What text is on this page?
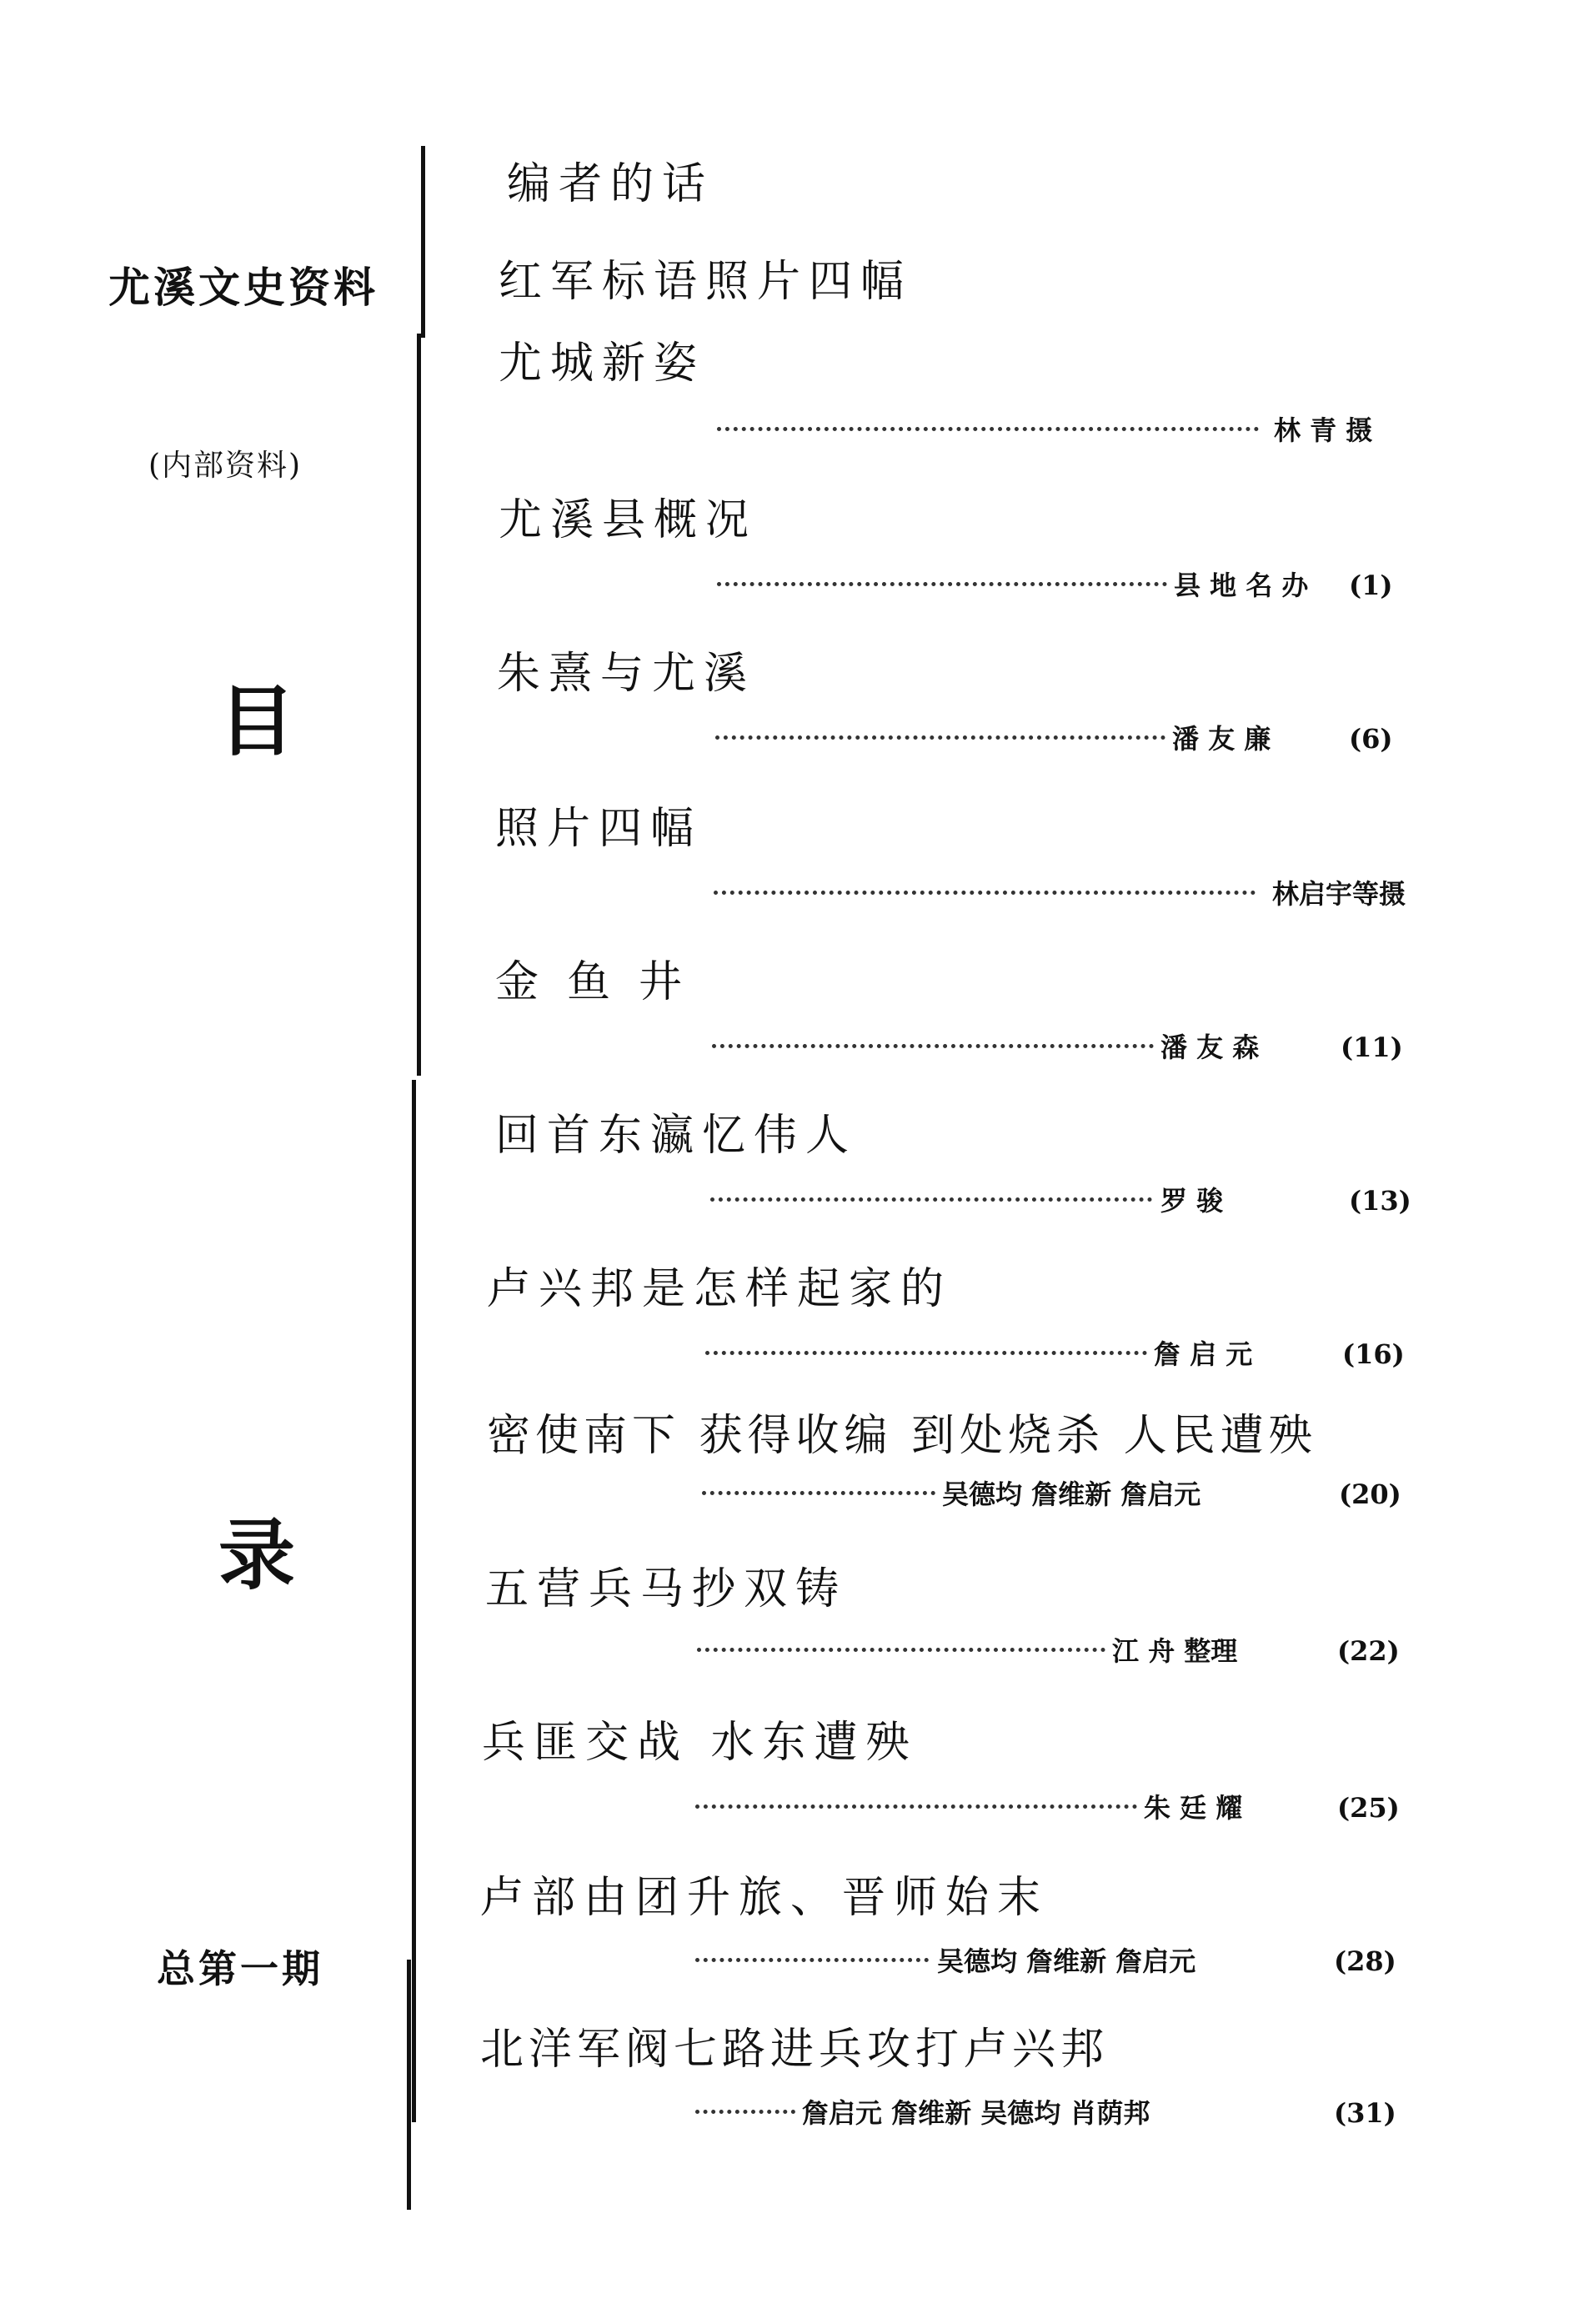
尤溪文史资料
(内部资料)
目
录
总第一期
编者的话
红军标语照片四幅
尤城新姿
林 青 摄
尤溪县概况
县 地 名 办 (1)
朱熹与尤溪
潘 友 廉	(6)
照片四幅
林启宇等摄
金鱼井
潘 友 森	(11)
回首东瀛忆伟人
罗 骏	(13)
卢兴邦是怎样起家的
詹 启 元	(16)
密使南下 获得收编 到处烧杀 人民遭殃
吴德均 詹维新 詹启元	(20)
五营兵马抄双铸
江 舟 整理	(22)
兵匪交战 水东遭殃
朱 廷 耀	(25)
卢部由团升旅、晋师始末
吴德均 詹维新 詹启元	(28)
北洋军阀七路进兵攻打卢兴邦
詹启元 詹维新 吴德均 肖荫邦	(31)
